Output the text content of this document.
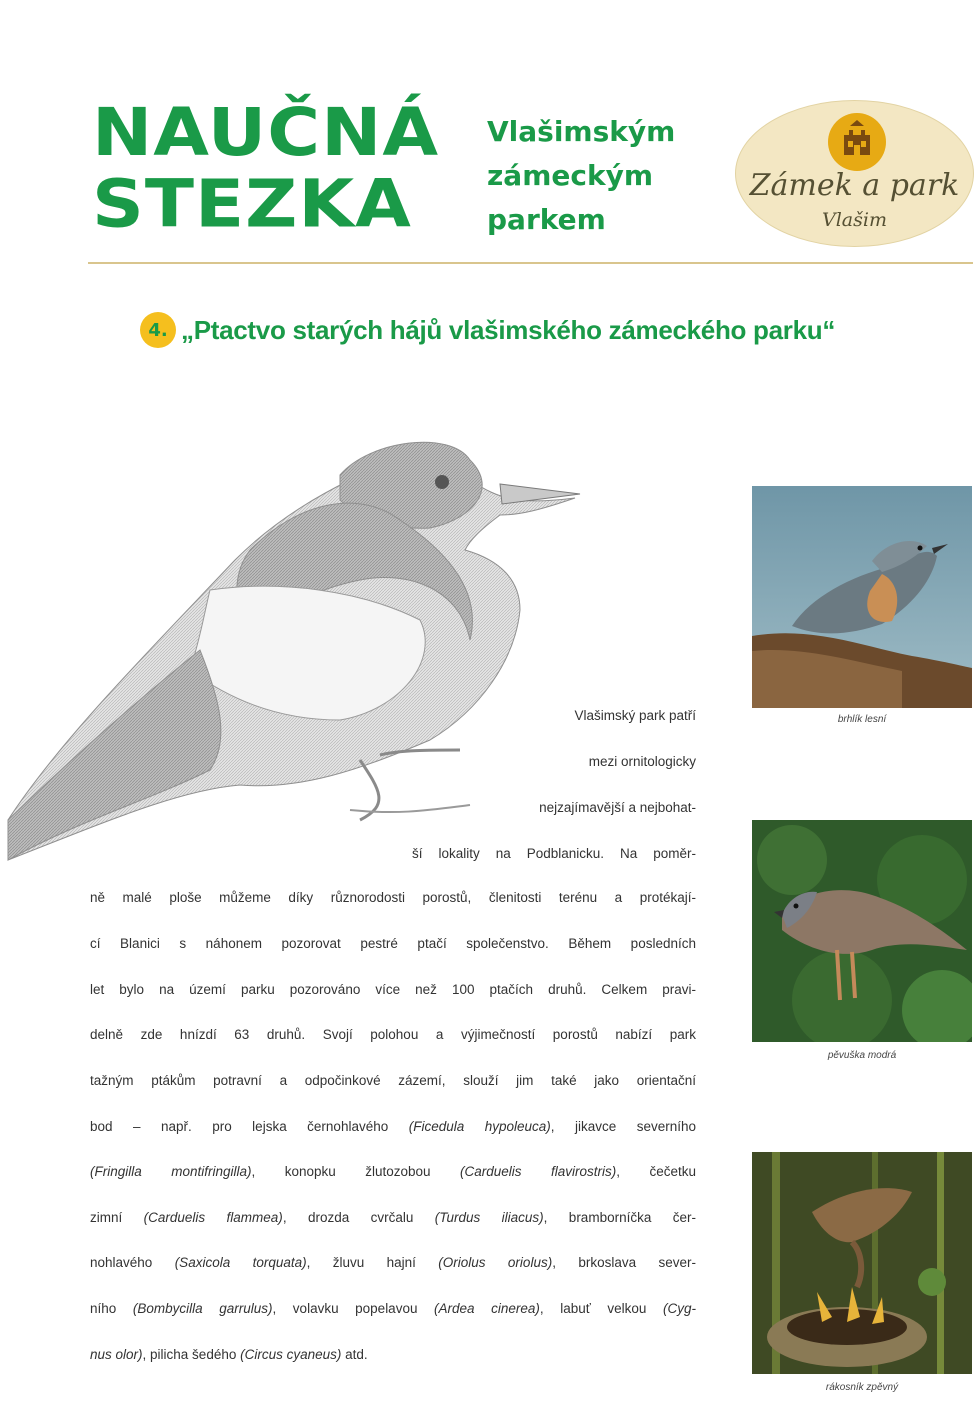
NAUČNÁ
STEZKA
Vlašimským
zámeckým
parkem
Zámek a park
Vlašim
4. „Ptactvo starých hájů vlašimského zámeckého parku“
Vlašimský park patří
mezi ornitologicky
nejzajímavější a nejbohat-
ší lokality na Podblanicku. Na poměr-
ně malé ploše můžeme díky různorodosti porostů, členitosti terénu a protékají-
cí Blanici s náhonem pozorovat pestré ptačí společenstvo. Během posledních
let bylo na území parku pozorováno více než 100 ptačích druhů. Celkem pravi-
delně zde hnízdí 63 druhů. Svojí polohou a výjimečností porostů nabízí park
tažným ptákům potravní a odpočinkové zázemí, slouží jim také jako orientační
bod – např. pro lejska černohlavého (Ficedula hypoleuca), jikavce severního
(Fringilla montifringilla), konopku žlutozobou (Carduelis flavirostris), čečetku
zimní (Carduelis flammea), drozda cvrčalu (Turdus iliacus), bramborníčka čer-
nohlavého (Saxicola torquata), žluvu hajní (Oriolus oriolus), brkoslava sever-
ního (Bombycilla garrulus), volavku popelavou (Ardea cinerea), labuť velkou (Cyg-
nus olor), pilicha šedého (Circus cyaneus) atd.
brhlík lesní
pěvuška modrá
rákosník zpěvný
